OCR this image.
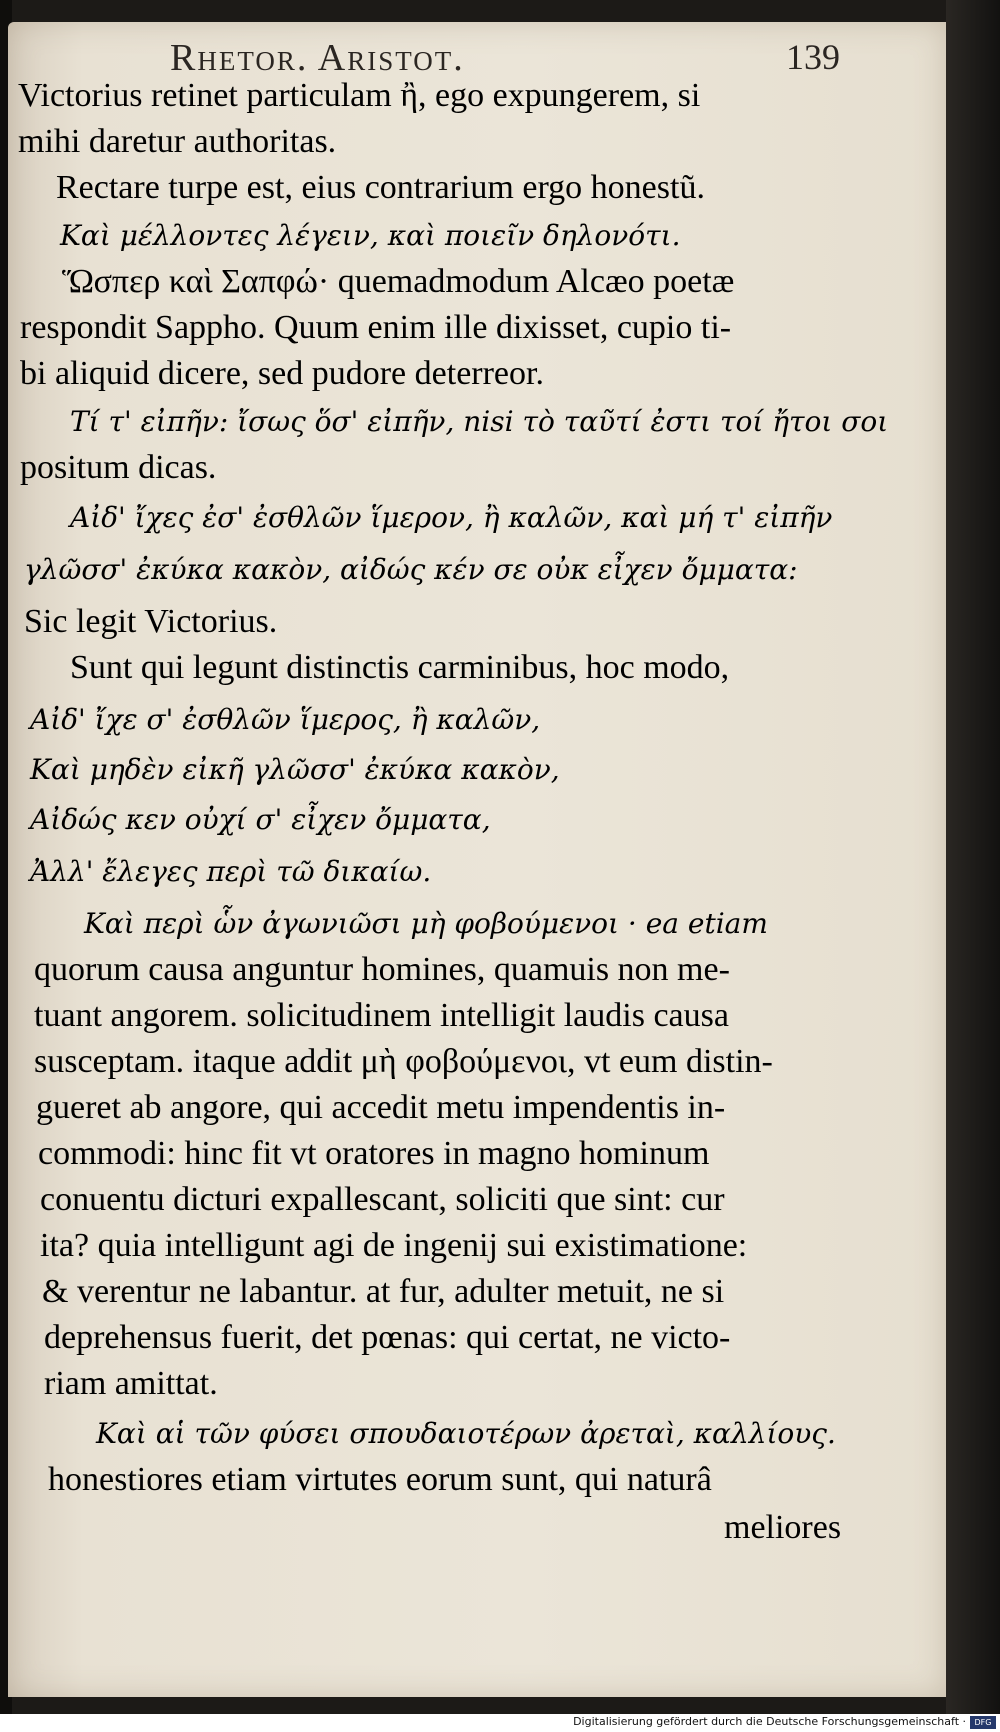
Rhetor. Aristot.	139
Victorius retinet particulam ἢ, ego expungerem, si
mihi daretur authoritas.
Rectare turpe est, eius contrarium ergo honestũ.
Καὶ μέλλοντες λέγειν, καὶ ποιεῖν δηλονότι.
Ὥσπερ καὶ Σαπφώ· quemadmodum Alcæo poetæ
respondit Sappho. Quum enim ille dixisset, cupio ti-
bi aliquid dicere, sed pudore deterreor.
Τί τ' εἰπῆν: ἴσως ὅσ' εἰπῆν, nisi τὸ ταῦτί ἐστι τοί ἤτοι σοι
positum dicas.
Αἰδ' ἴχες ἐσ' ἐσθλῶν ἵμερον, ἢ καλῶν, καὶ μή τ' εἰπῆν
γλῶσσ' ἐκύκα κακὸν, αἰδώς κέν σε οὐκ εἶχεν ὄμματα:
Sic legit Victorius.
Sunt qui legunt distinctis carminibus, hoc modo,
Αἰδ' ἴχε σ' ἐσθλῶν ἵμερος, ἢ καλῶν,
Καὶ μηδὲν εἰκῆ γλῶσσ' ἐκύκα κακὸν,
Αἰδώς κεν οὐχί σ' εἶχεν ὄμματα,
Ἀλλ' ἔλεγες περὶ τῶ δικαίω.
Καὶ περὶ ὧν ἀγωνιῶσι μὴ φοβούμενοι · ea etiam
quorum causa anguntur homines, quamuis non me-
tuant angorem. solicitudinem intelligit laudis causa
susceptam. itaque addit μὴ φοβούμενοι, vt eum distin-
gueret ab angore, qui accedit metu impendentis in-
commodi: hinc fit vt oratores in magno hominum
conuentu dicturi expallescant, soliciti que sint: cur
ita? quia intelligunt agi de ingenij sui existimatione:
& verentur ne labantur. at fur, adulter metuit, ne si
deprehensus fuerit, det pœnas: qui certat, ne victo-
riam amittat.
Καὶ αἱ τῶν φύσει σπουδαιοτέρων ἀρεταὶ, καλλίους.
honestiores etiam virtutes eorum sunt, qui naturâ
meliores
Digitalisierung gefördert durch die Deutsche Forschungsgemeinschaft ·	DFG
